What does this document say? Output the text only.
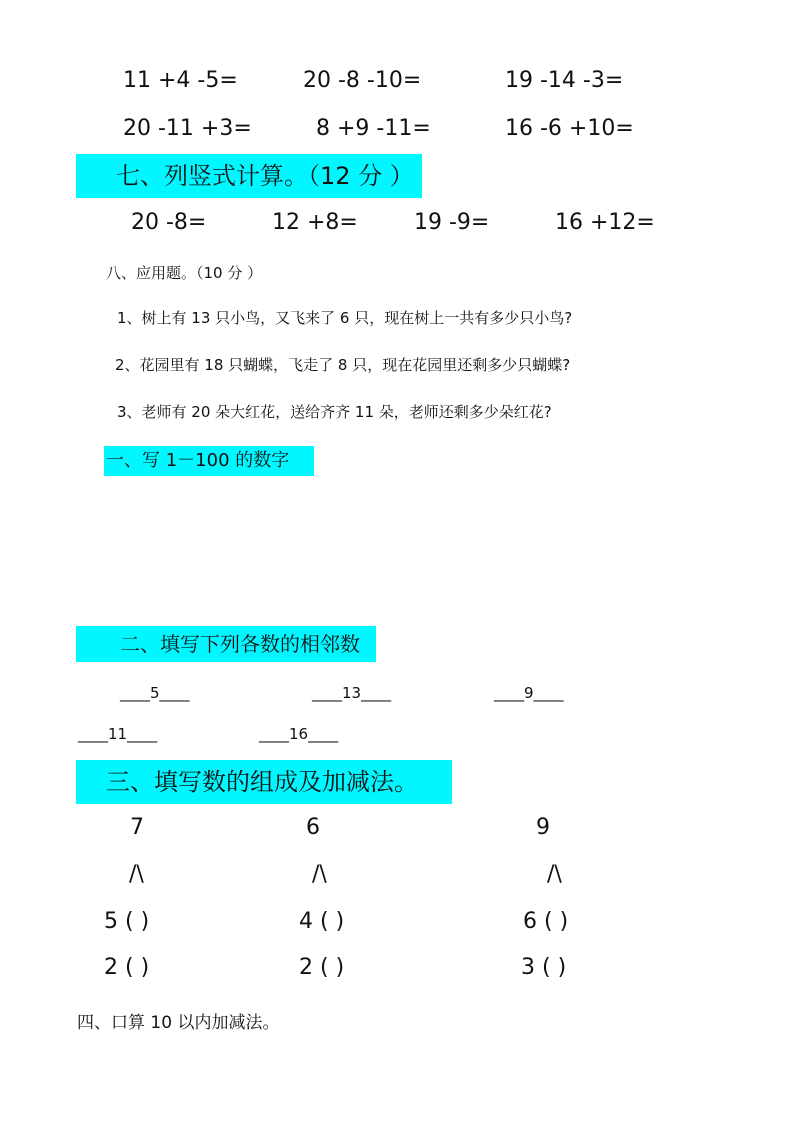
11 +4 -5=	20 -8 -10=	19 -14 -3=
20 -11 +3=	8 +9 -11=	16 -6 +10=
七、列竖式计算。（12 分 ）
20 -8=	12 +8=	19 -9=	16 +12=
八、应用题。（10 分 ）
1、树上有 13 只小鸟，又飞来了 6 只，现在树上一共有多少只小鸟?
2、花园里有 18 只蝴蝶，飞走了 8 只，现在花园里还剩多少只蝴蝶?
3、老师有 20 朵大红花，送给齐齐 11 朵，老师还剩多少朵红花?
一、写 1－100 的数字
二、填写下列各数的相邻数
____5____	____13____	____9____
____11____	____16____
三、填写数的组成及加减法。
7	6	9
/\	/\	/\
5 ( )	4 ( )	6 ( )
2 ( )	2 ( )	3 ( )
四、口算 10 以内加减法。
